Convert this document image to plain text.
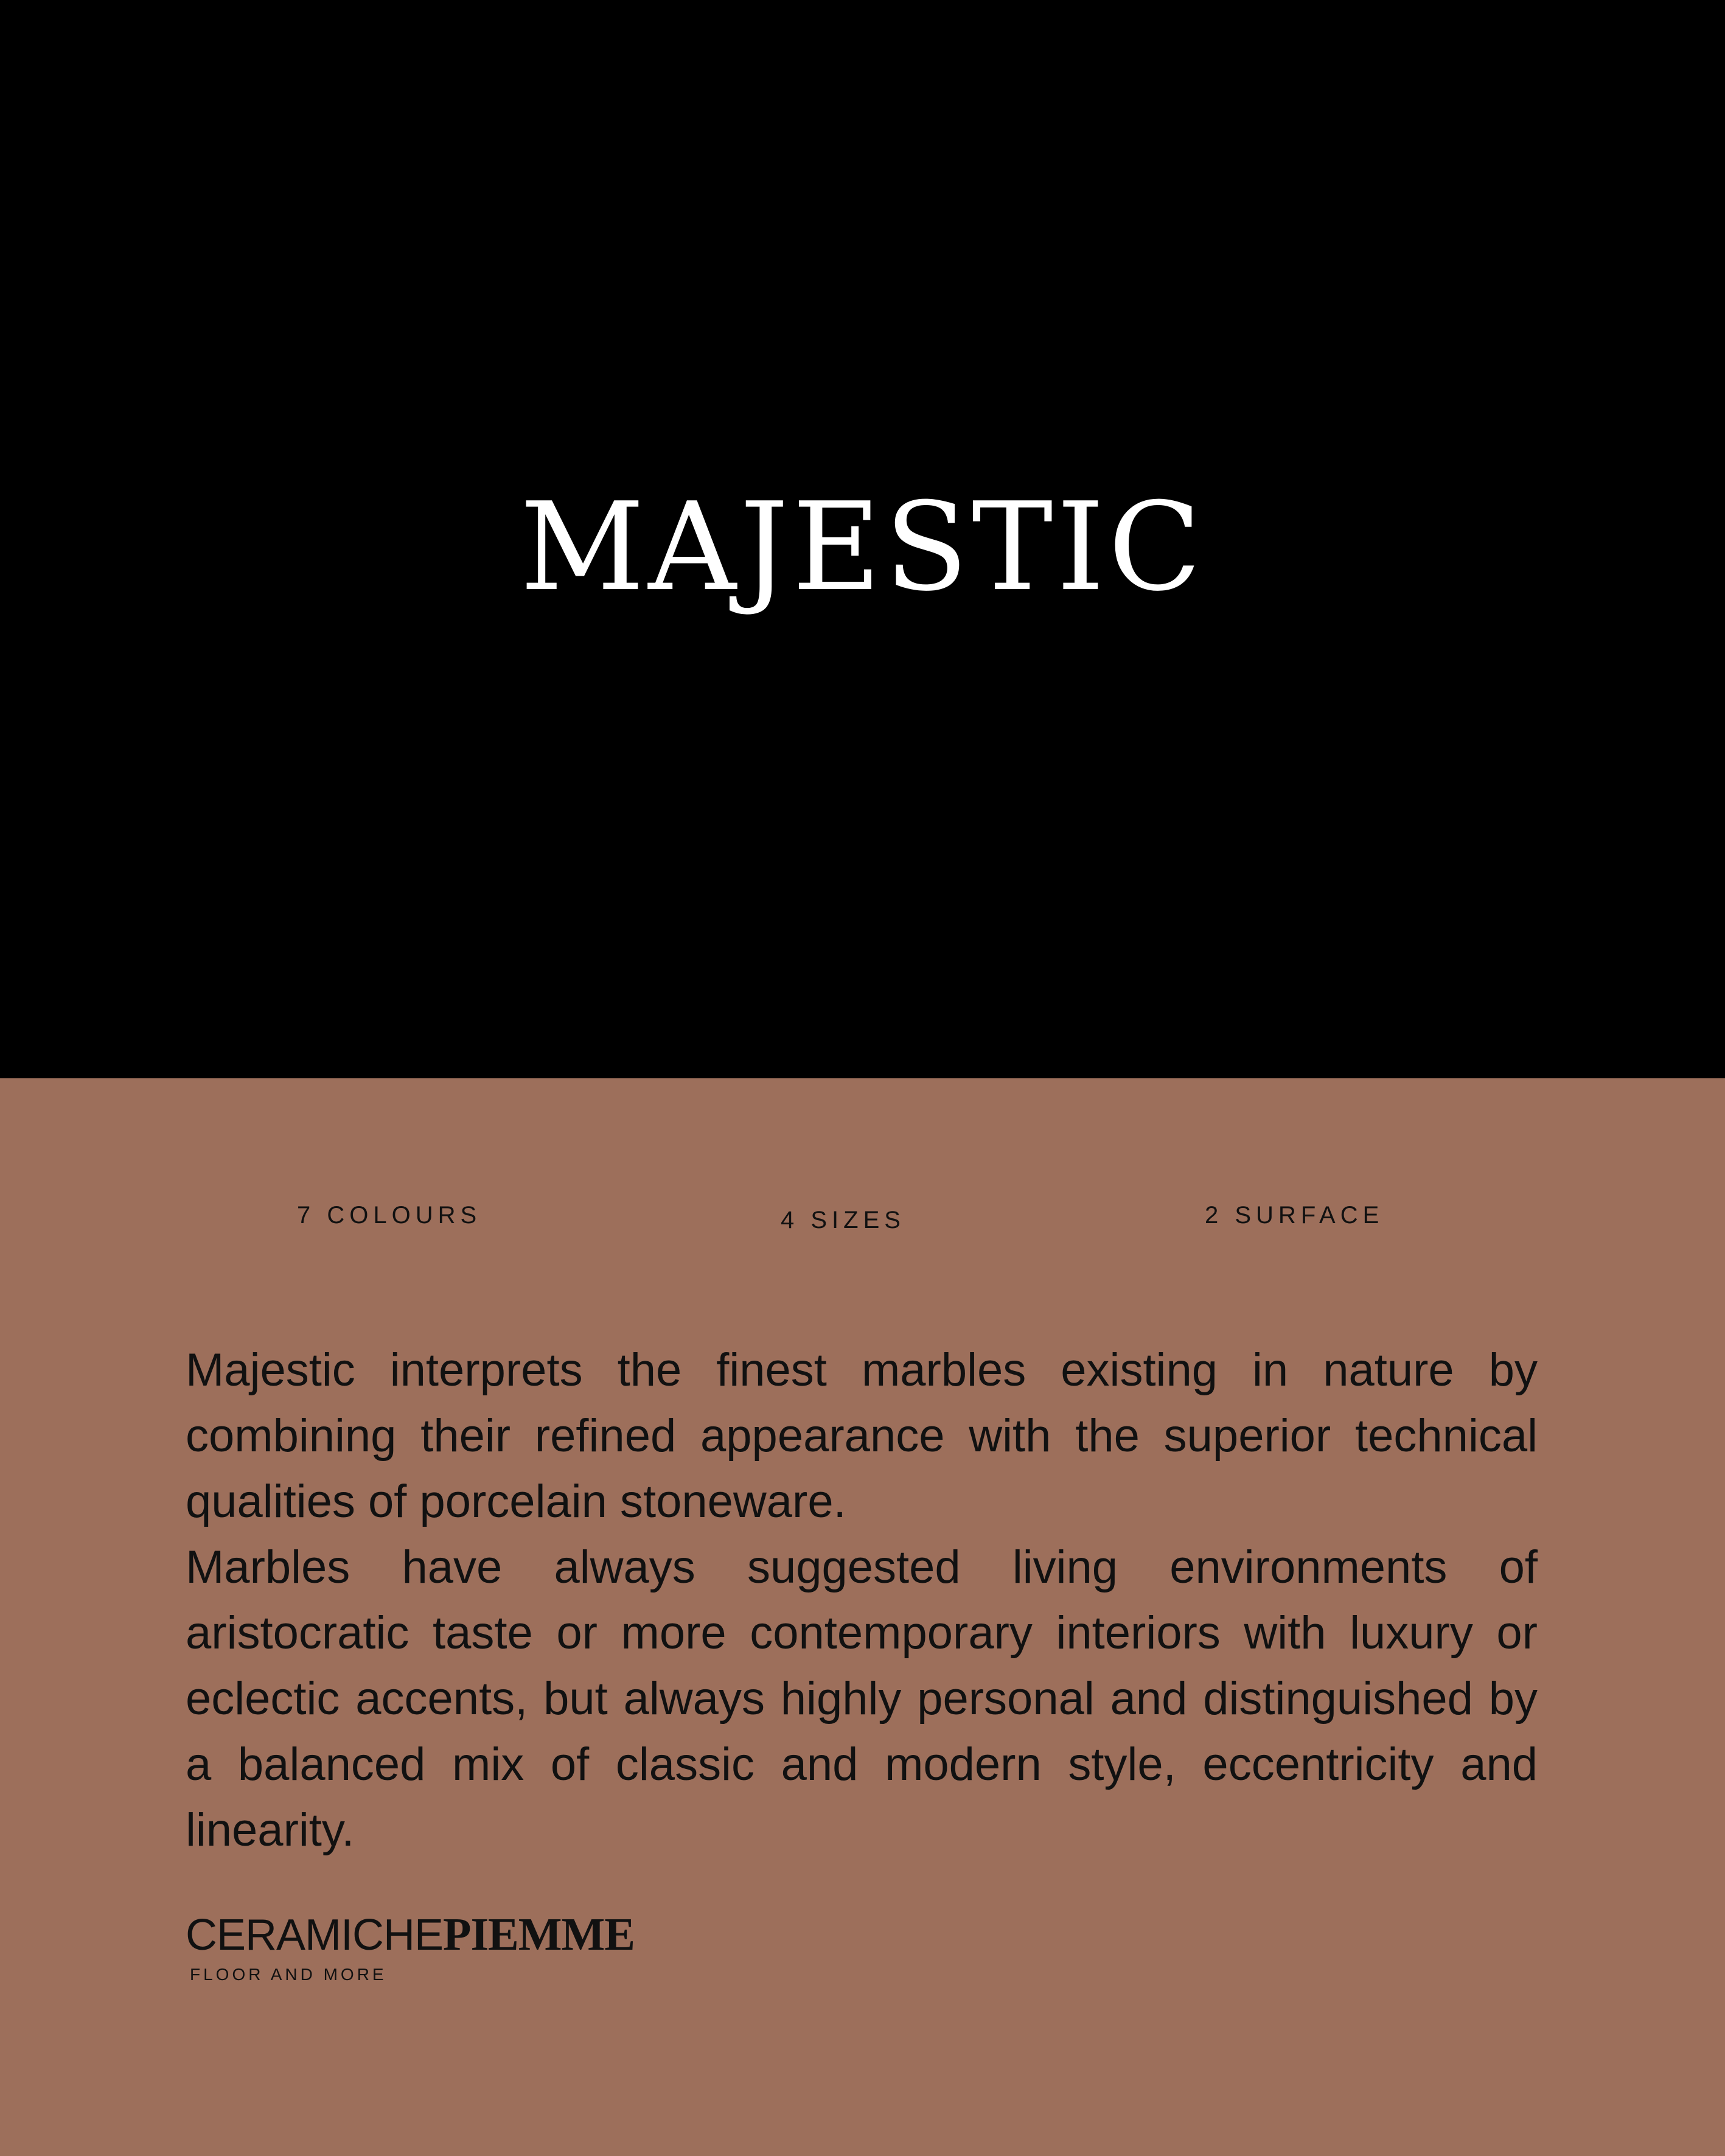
MAJESTIC
7 COLOURS	4 SIZES	2 SURFACE

Majestic interprets the finest marbles existing in nature by combining their refined appearance with the superior technical qualities of porcelain stoneware.

Marbles have always suggested living environments of aristocratic taste or more contemporary interiors with luxury or eclectic accents, but always highly personal and distinguished by a balanced mix of classic and modern style, eccentricity and linearity.

CERAMICHEPIEMME
FLOOR AND MORE
